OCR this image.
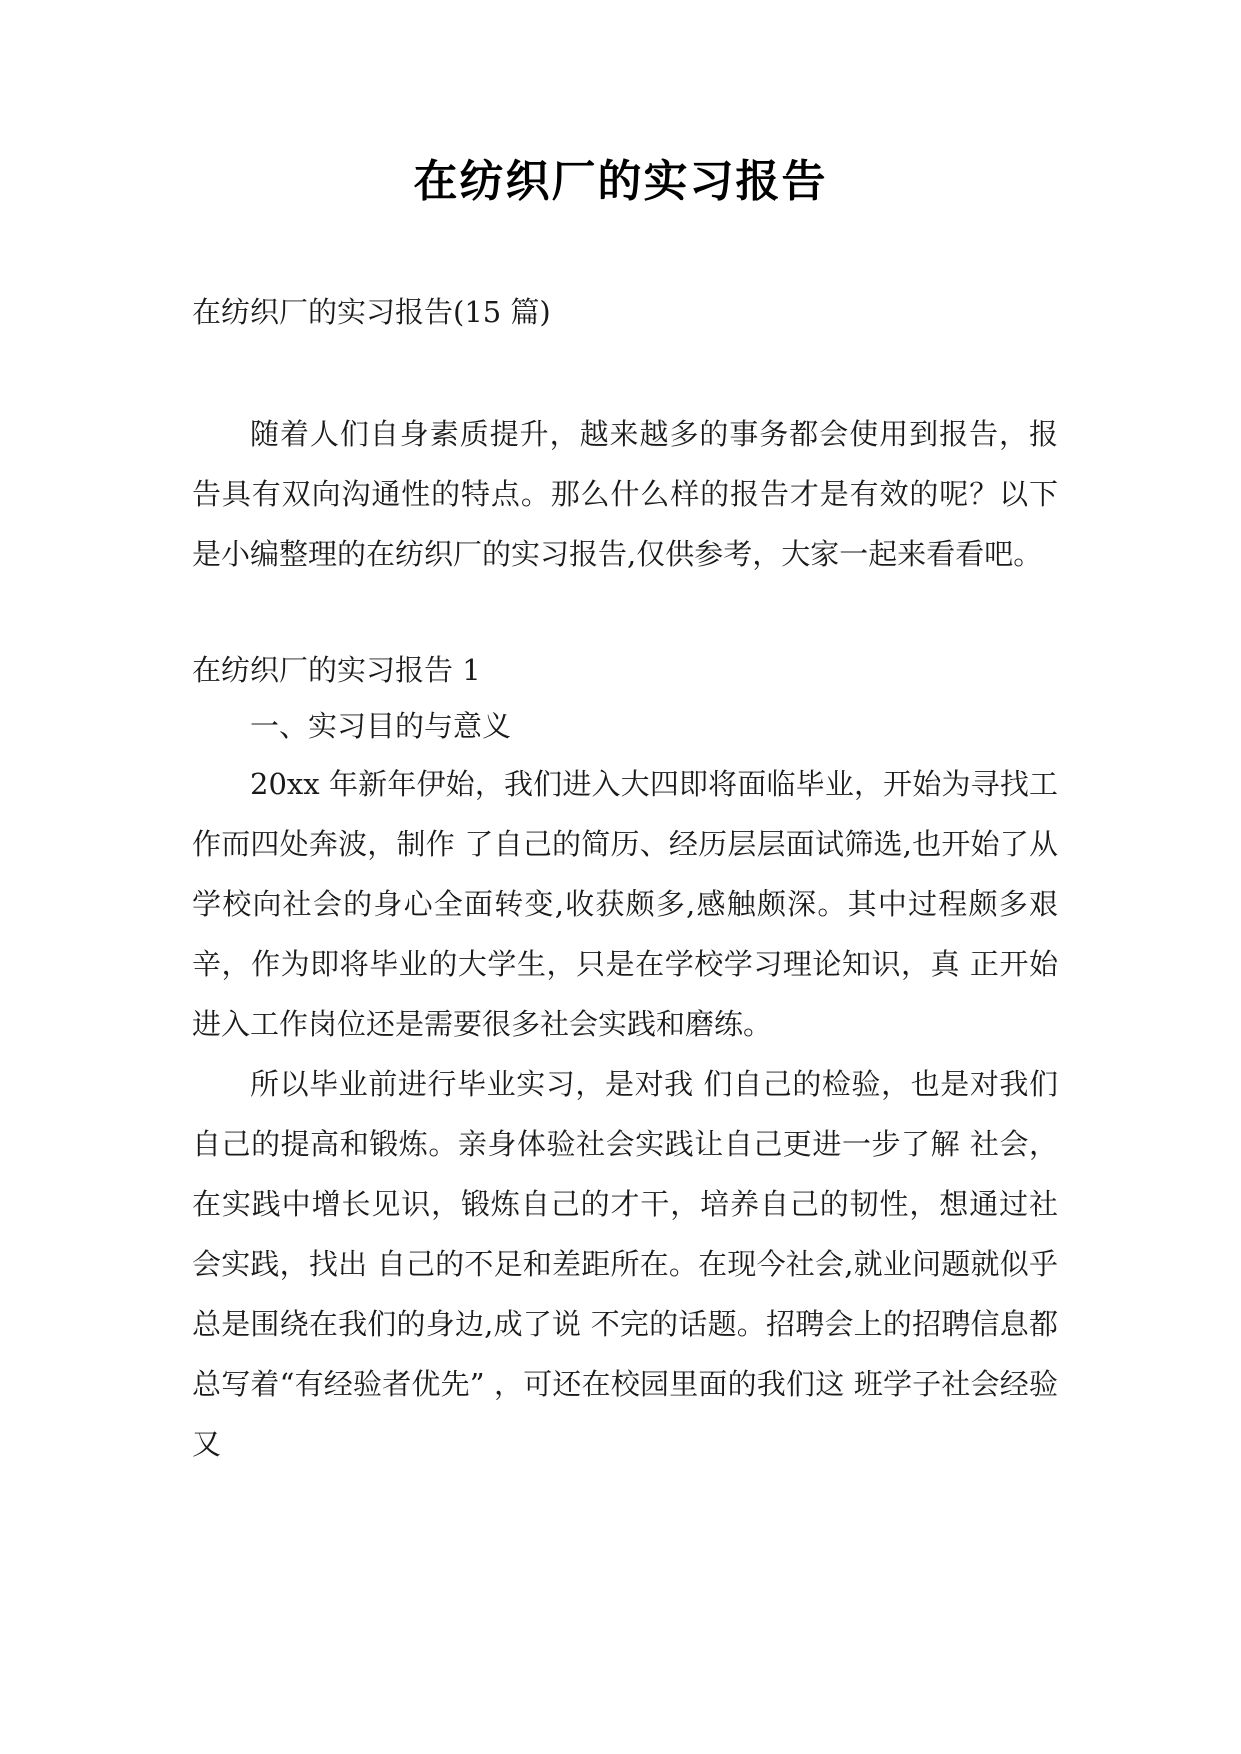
在纺织厂的实习报告

在纺织厂的实习报告(15 篇)

随着人们自身素质提升，越来越多的事务都会使用到报告，报告具有双向沟通性的特点。那么什么样的报告才是有效的呢？以下是小编整理的在纺织厂的实习报告,仅供参考，大家一起来看看吧。

在纺织厂的实习报告 1

一、实习目的与意义

20xx 年新年伊始，我们进入大四即将面临毕业，开始为寻找工作而四处奔波，制作 了自己的简历、经历层层面试筛选,也开始了从学校向社会的身心全面转变,收获颇多,感触颇深。其中过程颇多艰辛，作为即将毕业的大学生，只是在学校学习理论知识，真 正开始进入工作岗位还是需要很多社会实践和磨练。

所以毕业前进行毕业实习，是对我 们自己的检验，也是对我们自己的提高和锻炼。亲身体验社会实践让自己更进一步了解 社会，在实践中增长见识，锻炼自己的才干，培养自己的韧性，想通过社会实践，找出 自己的不足和差距所在。在现今社会,就业问题就似乎总是围绕在我们的身边,成了说 不完的话题。招聘会上的招聘信息都总写着“有经验者优先” ，可还在校园里面的我们这 班学子社会经验又
